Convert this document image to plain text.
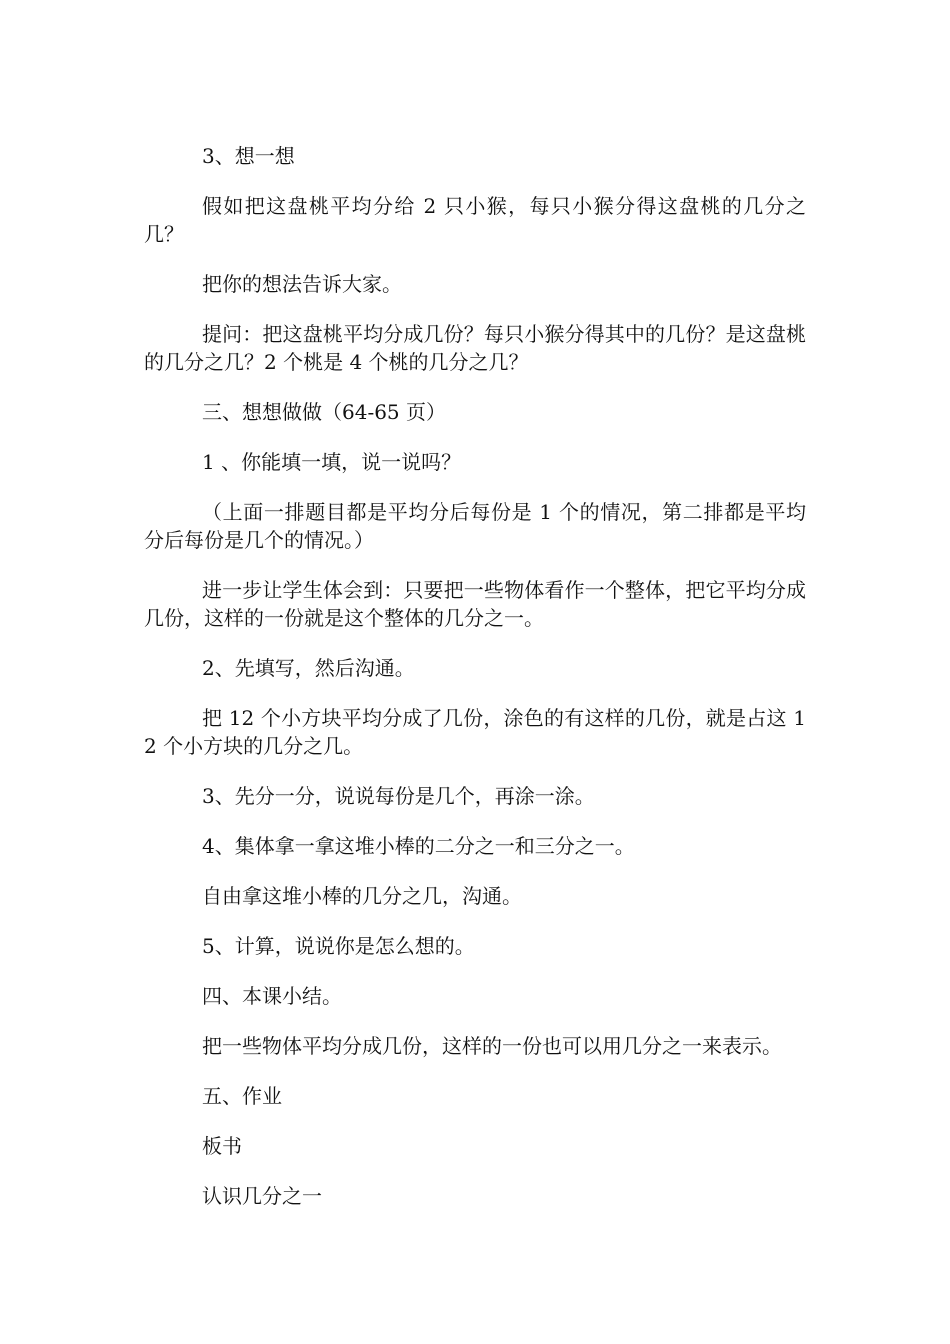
3、想一想

假如把这盘桃平均分给 2 只小猴，每只小猴分得这盘桃的几分之几？

把你的想法告诉大家。

提问：把这盘桃平均分成几份？每只小猴分得其中的几份？是这盘桃的几分之几？2 个桃是 4 个桃的几分之几？

三、想想做做（64-65 页）

1 、你能填一填，说一说吗？

（上面一排题目都是平均分后每份是 1 个的情况，第二排都是平均分后每份是几个的情况。）

进一步让学生体会到：只要把一些物体看作一个整体，把它平均分成几份，这样的一份就是这个整体的几分之一。

2、先填写，然后沟通。

把 12 个小方块平均分成了几份，涂色的有这样的几份，就是占这 12 个小方块的几分之几。

3、先分一分，说说每份是几个，再涂一涂。

4、集体拿一拿这堆小棒的二分之一和三分之一。

自由拿这堆小棒的几分之几，沟通。

5、计算，说说你是怎么想的。

四、本课小结。

把一些物体平均分成几份，这样的一份也可以用几分之一来表示。

五、作业

板书

认识几分之一
